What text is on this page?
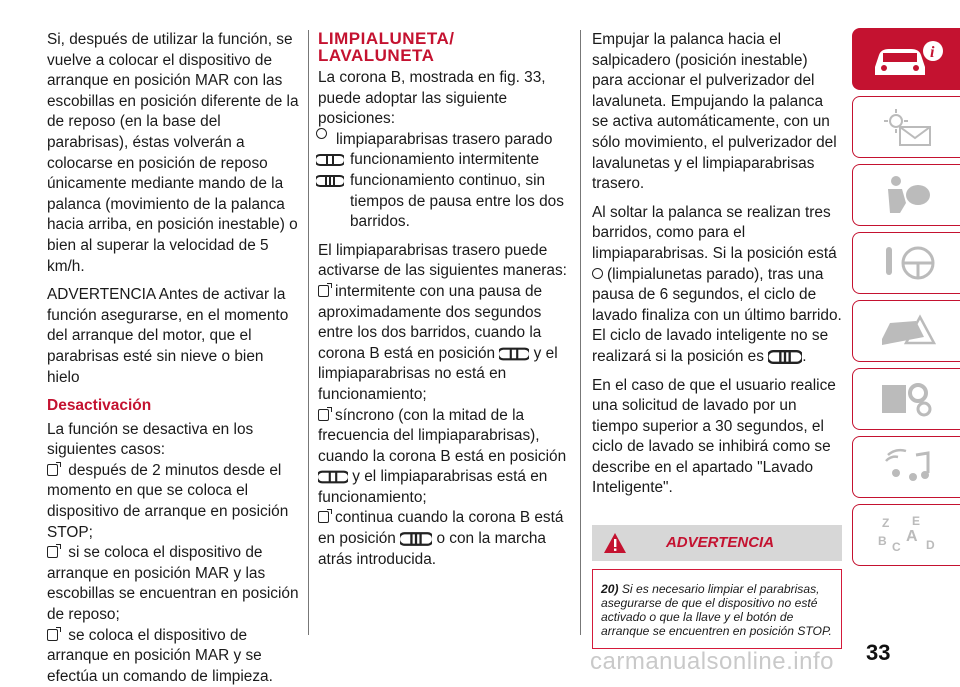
Si, después de utilizar la función, se vuelve a colocar el dispositivo de arranque en posición MAR con las escobillas en posición diferente de la de reposo (en la base del parabrisas), éstas volverán a colocarse en posición de reposo únicamente mediante mando de la palanca (movimiento de la palanca hacia arriba, en posición inestable) o bien al superar la velocidad de 5 km/h.

ADVERTENCIA Antes de activar la función asegurarse, en el momento del arranque del motor, que el parabrisas esté sin nieve o bien hielo

Desactivación

La función se desactiva en los siguientes casos:

después de 2 minutos desde el momento en que se coloca el dispositivo de arranque en posición STOP;
si se coloca el dispositivo de arranque en posición MAR y las escobillas se encuentran en posición de reposo;
se coloca el dispositivo de arranque en posición MAR y se efectúa un comando de limpieza.
LIMPIALUNETA/
LAVALUNETA

La corona B, mostrada en fig. 33, puede adoptar las siguiente posiciones:

limpiaparabrisas trasero parado
funcionamiento intermitente
funcionamiento continuo, sin tiempos de pausa entre los dos barridos.

El limpiaparabrisas trasero puede activarse de las siguientes maneras:

intermitente con una pausa de aproximadamente dos segundos entre los dos barridos, cuando la corona B está en posición	y el limpiaparabrisas no está en funcionamiento;
síncrono (con la mitad de la frecuencia del limpiaparabrisas), cuando la corona B está en posición  y el limpiaparabrisas está en funcionamiento;
continua cuando la corona B está en posición	o con la marcha atrás introducida.

Empujar la palanca hacia el salpicadero (posición inestable) para accionar el pulverizador del lavaluneta. Empujando la palanca se activa automáticamente, con un sólo movimiento, el pulverizador del lavalunetas y el limpiaparabrisas trasero.

Al soltar la palanca se realizan tres barridos, como para el limpiaparabrisas. Si la posición está
(limpialunetas parado), tras una pausa de 6 segundos, el ciclo de lavado finaliza con un último barrido. El ciclo de lavado inteligente no se realizará si la posición es .

En el caso de que el usuario realice una solicitud de lavado por un tiempo superior a 30 segundos, el ciclo de lavado se inhibirá como se describe en el apartado "Lavado Inteligente".

ADVERTENCIA
20) Si es necesario limpiar el parabrisas, asegurarse de que el dispositivo no esté activado o que la llave y el botón de arranque se encuentren en posición STOP.
i
Z E
B A
C D
33
carmanualsonline.info
